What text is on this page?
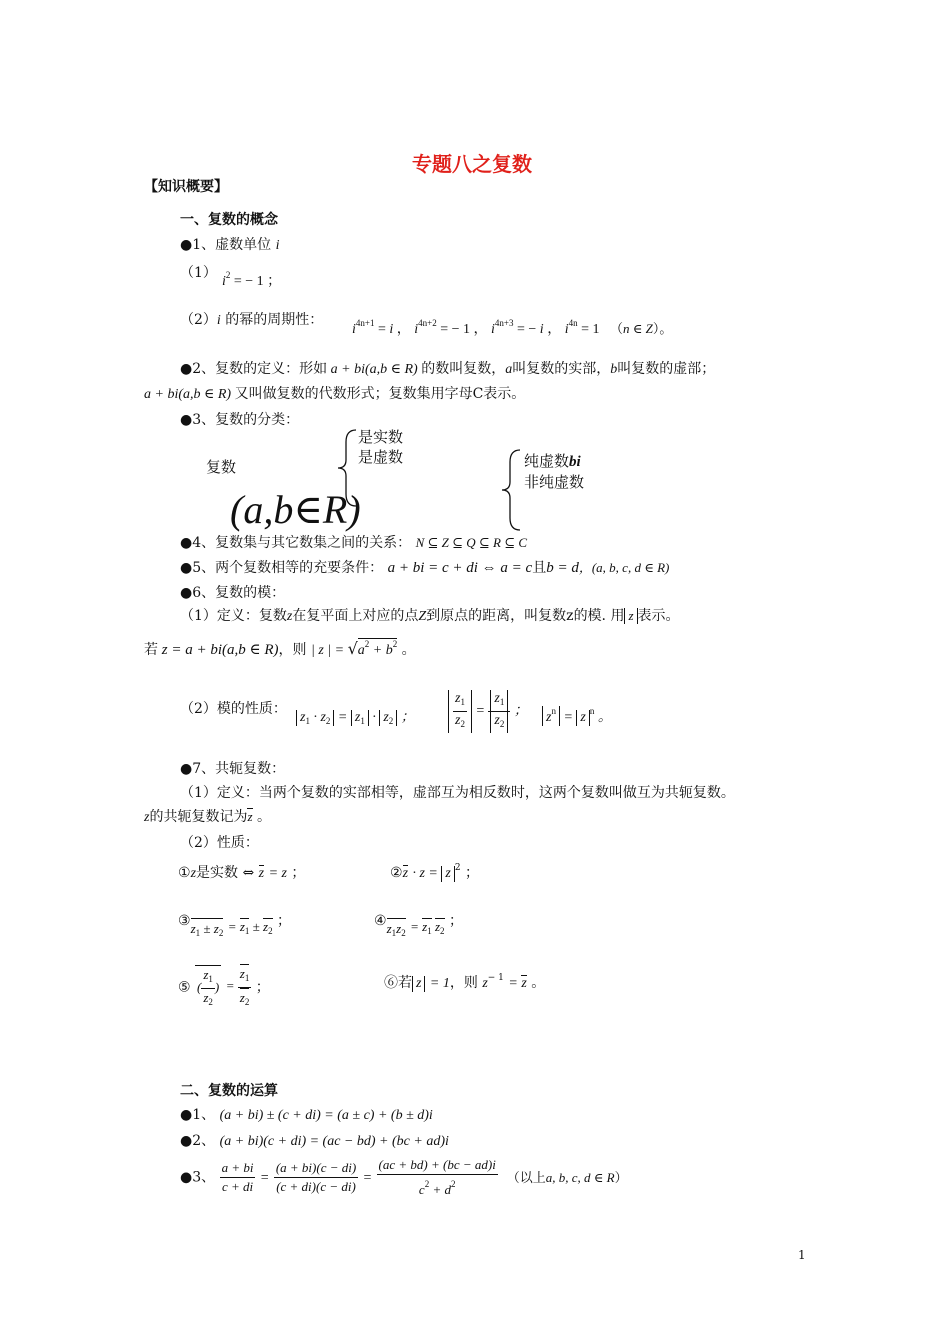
专题八之复数
【知识概要】
一、复数的概念
●1、虚数单位 i
（1）
$i^2$ = − 1 ；
（2）i 的幂的周期性：
$i^{4n+1} = i$ ， $i^{4n+2}$ = − 1 ， $i^{4n+3}$ = − i ， $i^{4n} = 1$   （n ∈ Z）。
●2、复数的定义：形如 a + bi(a,b ∈ R) 的数叫复数，a叫复数的实部，b叫复数的虚部；
a + bi(a,b ∈ R) 又叫做复数的代数形式；复数集用字母C表示。
●3、复数的分类：
复数
(a,b∈R)
是实数
是虚数	纯虚数bi
非纯虚数
●4、复数集与其它数集之间的关系： N ⊆ Z ⊆ Q ⊆ R ⊆ C
●5、两个复数相等的充要条件： a + bi = c + di ⇔ a = c且b = d，(a, b, c, d ∈ R)
●6、复数的模：
（1）定义：复数z在复平面上对应的点Z到原点的距离，叫复数z的模. 用 z 表示。
若 z = a + bi(a,b ∈ R)，则 | z | = $√a^2 + b^2$ 。
（2）模的性质：
$z_1 \cdot z_2 = z_1 \cdot z_2$ ；	$\frac{z_1}{z_2} = \frac{z_1}{z_2}$ ； $z^n = z$ $^n$ 。
●7、共轭复数：
（1）定义：当两个复数的实部相等，虚部互为相反数时，这两个复数叫做互为共轭复数。
z的共轭复数记为z 。
（2）性质：
①z是实数 ⇔ z = z ；	②z · z = z $^2$ ；
$③z_1 \pm z_2 = z_1 \pm z_2$ ；	$④z_1z_2 = z_1$ $z_2$ ；
⑤ ( $\frac{z_1}{z_2}$ ) = $\frac{z_1}{z_2}$ ；	⑥若 z = 1，则 $z^{- 1} = z$ 。
二、复数的运算
●1、 (a + bi) ± (c + di) = (a ± c) + (b ± d)i
●2、 (a + bi)(c + di) = (ac − bd) + (bc + ad)i
●3、 $\frac{a + bi}{c + di} = \frac{(a + bi)(c - di)}{(c + di)(c - di)} = \frac{(ac + bd) + (bc - ad)i}{c^2 + d^2}$ （以上a, b, c, d ∈ R）
1
